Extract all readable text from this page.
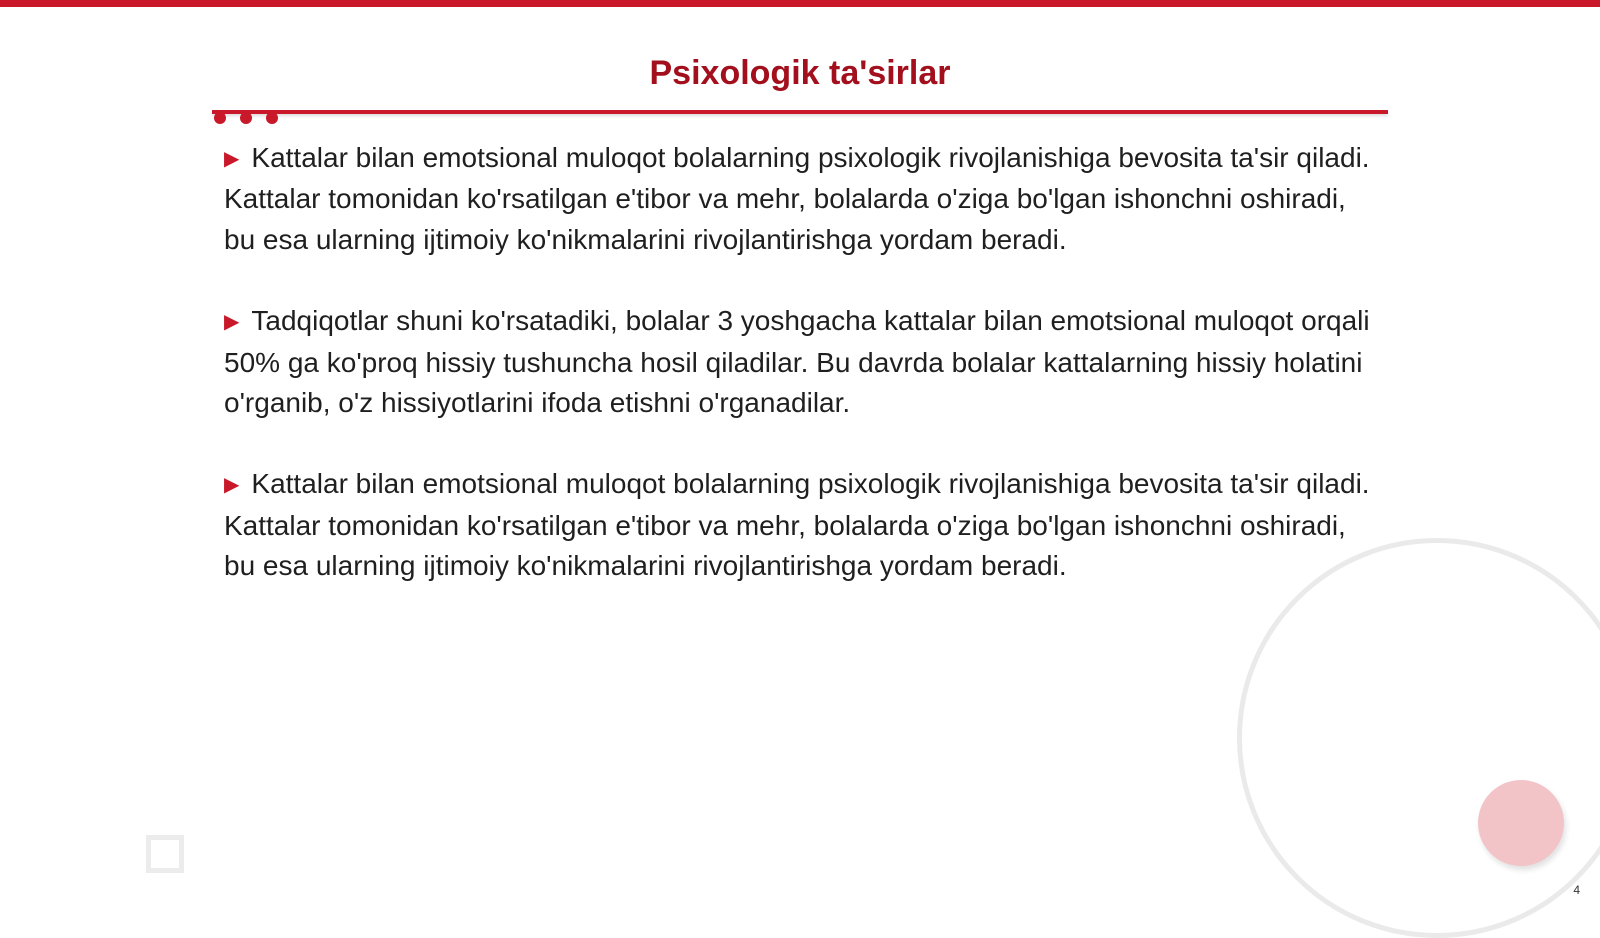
Psixologik ta'sirlar

▶ Kattalar bilan emotsional muloqot bolalarning psixologik rivojlanishiga bevosita ta'sir qiladi. Kattalar tomonidan ko'rsatilgan e'tibor va mehr, bolalarda o'ziga bo'lgan ishonchni oshiradi, bu esa ularning ijtimoiy ko'nikmalarini rivojlantirishga yordam beradi.

▶ Tadqiqotlar shuni ko'rsatadiki, bolalar 3 yoshgacha kattalar bilan emotsional muloqot orqali 50% ga ko'proq hissiy tushuncha hosil qiladilar. Bu davrda bolalar kattalarning hissiy holatini o'rganib, o'z hissiyotlarini ifoda etishni o'rganadilar.

▶ Kattalar bilan emotsional muloqot bolalarning psixologik rivojlanishiga bevosita ta'sir qiladi. Kattalar tomonidan ko'rsatilgan e'tibor va mehr, bolalarda o'ziga bo'lgan ishonchni oshiradi, bu esa ularning ijtimoiy ko'nikmalarini rivojlantirishga yordam beradi.

4
